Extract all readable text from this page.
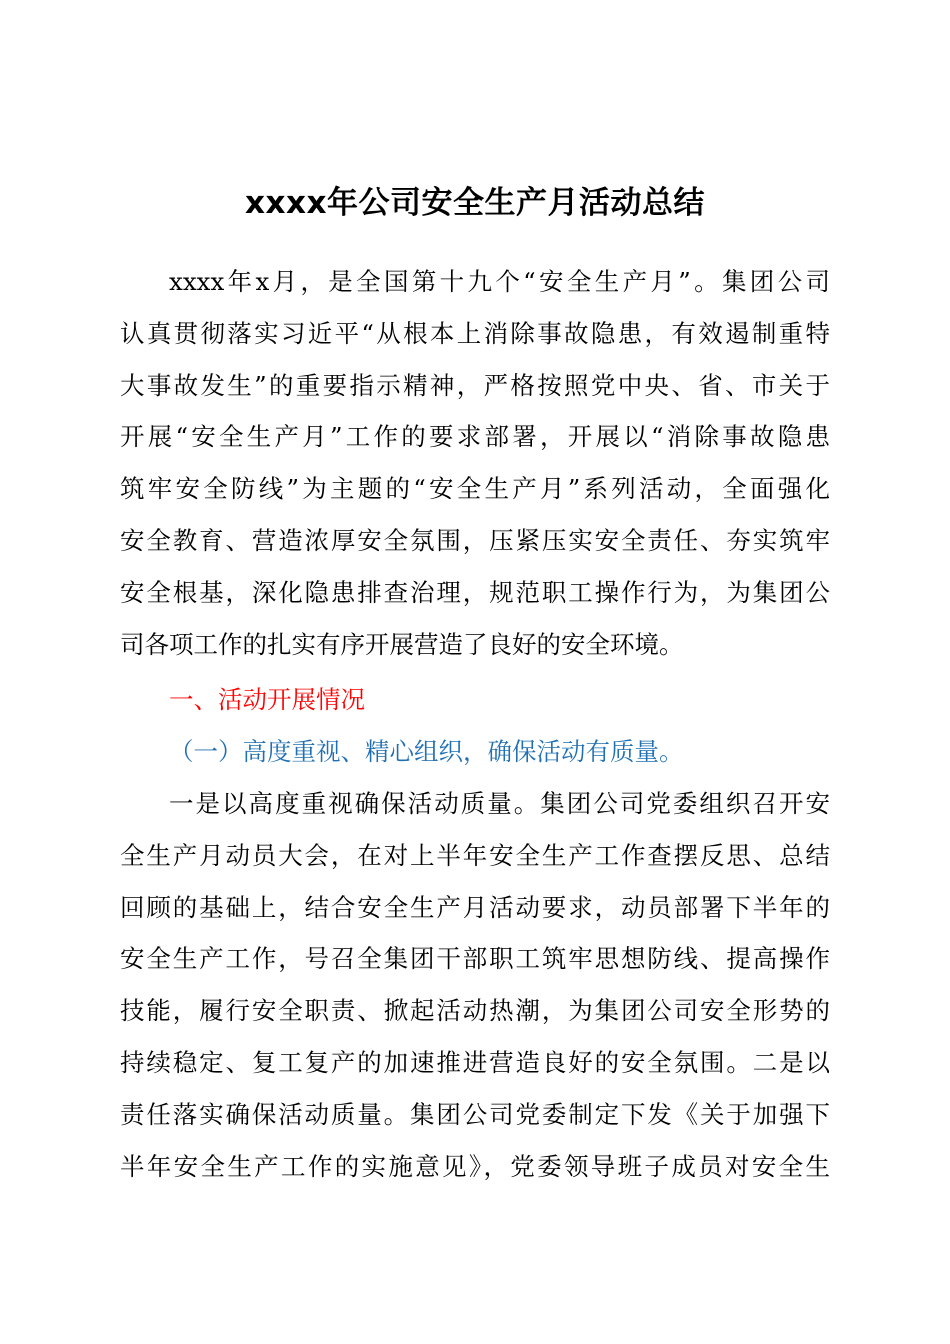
xxxx年公司安全生产月活动总结
xxxx年x月，是全国第十九个“安全生产月”。集团公司
认真贯彻落实习近平“从根本上消除事故隐患，有效遏制重特
大事故发生”的重要指示精神，严格按照党中央、省、市关于
开展“安全生产月”工作的要求部署，开展以“消除事故隐患
筑牢安全防线”为主题的“安全生产月”系列活动，全面强化
安全教育、营造浓厚安全氛围，压紧压实安全责任、夯实筑牢
安全根基，深化隐患排查治理，规范职工操作行为，为集团公
司各项工作的扎实有序开展营造了良好的安全环境。
一、活动开展情况
（一）高度重视、精心组织，确保活动有质量。
一是以高度重视确保活动质量。集团公司党委组织召开安
全生产月动员大会，在对上半年安全生产工作查摆反思、总结
回顾的基础上，结合安全生产月活动要求，动员部署下半年的
安全生产工作，号召全集团干部职工筑牢思想防线、提高操作
技能，履行安全职责、掀起活动热潮，为集团公司安全形势的
持续稳定、复工复产的加速推进营造良好的安全氛围。二是以
责任落实确保活动质量。集团公司党委制定下发《关于加强下
半年安全生产工作的实施意见》，党委领导班子成员对安全生
